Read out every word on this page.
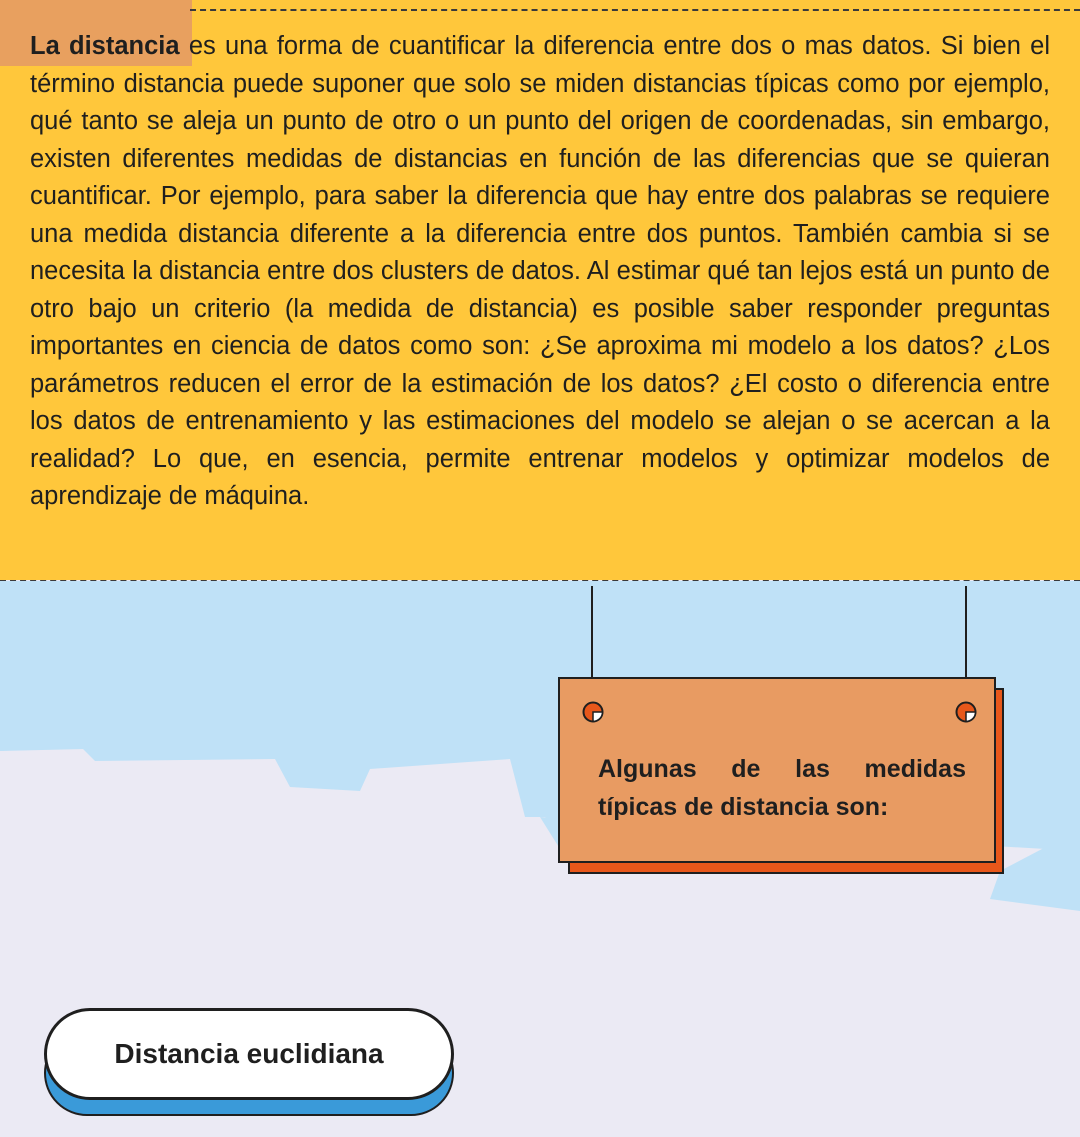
La distancia es una forma de cuantificar la diferencia entre dos o mas datos. Si bien el término distancia puede suponer que solo se miden distancias típicas como por ejemplo, qué tanto se aleja un punto de otro o un punto del origen de coordenadas, sin embargo, existen diferentes medidas de distancias en función de las diferencias que se quieran cuantificar. Por ejemplo, para saber la diferencia que hay entre dos palabras se requiere una medida distancia diferente a la diferencia entre dos puntos. También cambia si se necesita la distancia entre dos clusters de datos. Al estimar qué tan lejos está un punto de otro bajo un criterio (la medida de distancia) es posible saber responder preguntas importantes en ciencia de datos como son: ¿Se aproxima mi modelo a los datos? ¿Los parámetros reducen el error de la estimación de los datos? ¿El costo o diferencia entre los datos de entrenamiento y las estimaciones del modelo se alejan o se acercan a la realidad? Lo que, en esencia, permite entrenar modelos y optimizar modelos de aprendizaje de máquina.

Algunas de las medidas típicas de distancia son:

Distancia euclidiana
